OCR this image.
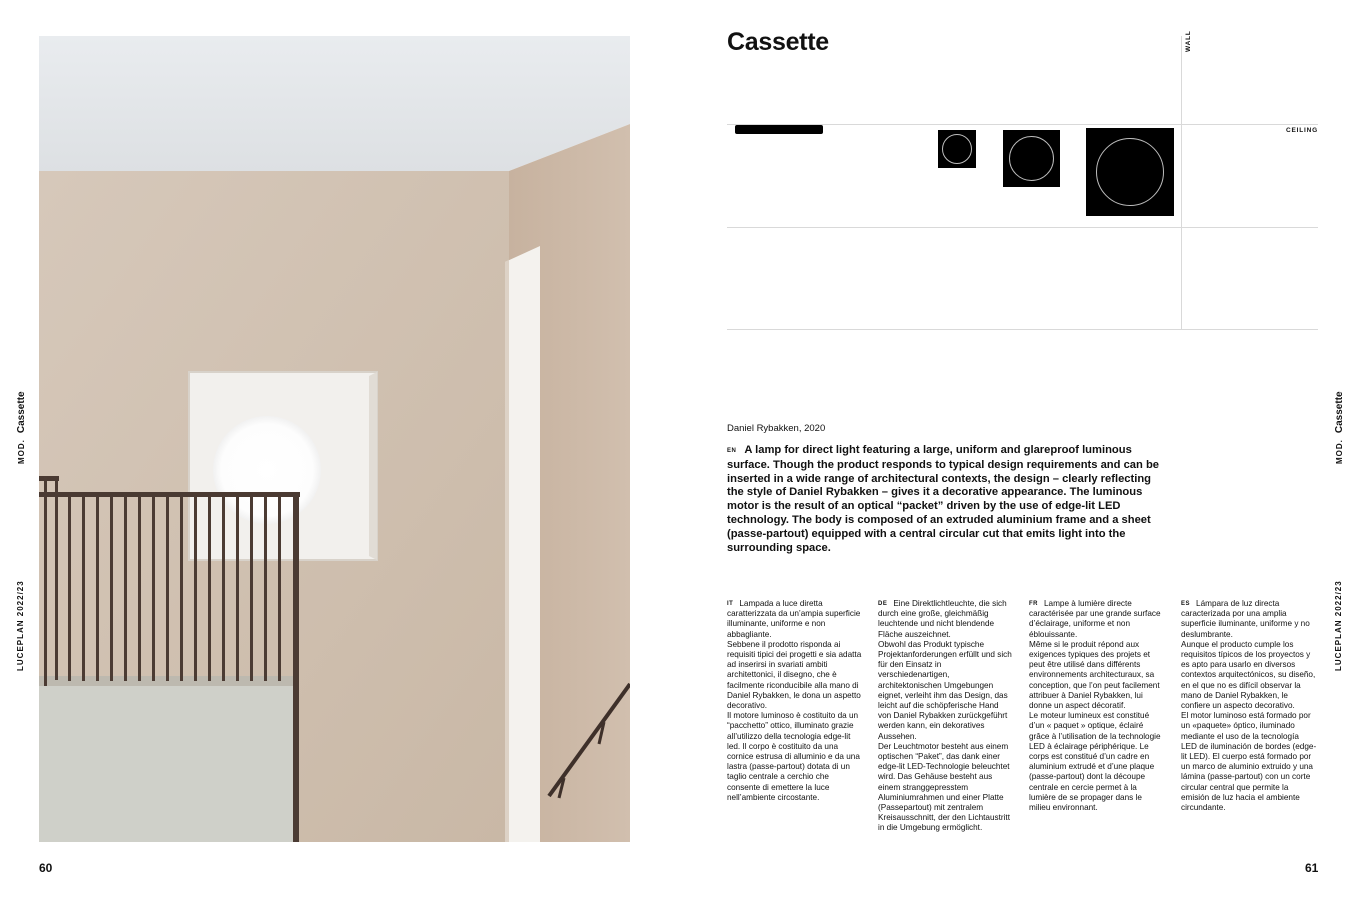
MOD.Cassette
LUCEPLAN 2022/23
60
Cassette	WALL
CEILING
Daniel Rybakken, 2020
EN A lamp for direct light featuring a large, uniform and glareproof luminous surface. Though the product responds to typical design requirements and can be inserted in a wide range of architectural contexts, the design – clearly reflecting the style of Daniel Rybakken – gives it a decorative appearance. The luminous motor is the result of an optical “packet” driven by the use of edge-lit LED technology. The body is composed of an extruded aluminium frame and a sheet (passe-partout) equipped with a central circular cut that emits light into the surrounding space.

IT Lampada a luce diretta caratterizzata da un’ampia superficie illuminante, uniforme e non abbagliante.

Sebbene il prodotto risponda ai requisiti tipici dei progetti e sia adatta ad inserirsi in svariati ambiti architettonici, il disegno, che è facilmente riconducibile alla mano di Daniel Rybakken, le dona un aspetto decorativo.

Il motore luminoso è costituito da un “pacchetto” ottico, illuminato grazie all’utilizzo della tecnologia edge-lit led. Il corpo è costituito da una cornice estrusa di alluminio e da una lastra (passe-partout) dotata di un taglio centrale a cerchio che consente di emettere la luce nell’ambiente circostante.

DE Eine Direktlichtleuchte, die sich durch eine große, gleichmäßig leuchtende und nicht blendende Fläche auszeichnet.

Obwohl das Produkt typische Projektanforderungen erfüllt und sich für den Einsatz in verschiedenartigen, architektonischen Umgebungen eignet, verleiht ihm das Design, das leicht auf die schöpferische Hand von Daniel Rybakken zurückgeführt werden kann, ein dekoratives Aussehen.

Der Leuchtmotor besteht aus einem optischen “Paket”, das dank einer edge-lit LED-Technologie beleuchtet wird. Das Gehäuse besteht aus einem stranggepresstem Aluminiumrahmen und einer Platte (Passepartout) mit zentralem Kreisausschnitt, der den Lichtaustritt in die Umgebung ermöglicht.

FR Lampe à lumière directe caractérisée par une grande surface d’éclairage, uniforme et non éblouissante.

Même si le produit répond aux exigences typiques des projets et peut être utilisé dans différents environnements architecturaux, sa conception, que l’on peut facilement attribuer à Daniel Rybakken, lui donne un aspect décoratif.

Le moteur lumineux est constitué d’un « paquet » optique, éclairé grâce à l’utilisation de la technologie LED à éclairage périphérique. Le corps est constitué d’un cadre en aluminium extrudé et d’une plaque (passe-partout) dont la découpe centrale en cercie permet à la lumière de se propager dans le milieu environnant.

ES Lámpara de luz directa caracterizada por una amplia superficie iluminante, uniforme y no deslumbrante.

Aunque el producto cumple los requisitos típicos de los proyectos y es apto para usarlo en diversos contextos arquitectónicos, su diseño, en el que no es difícil observar la mano de Daniel Rybakken, le confiere un aspecto decorativo.

El motor luminoso está formado por un «paquete» óptico, iluminado mediante el uso de la tecnología LED de iluminación de bordes (edge-lit LED). El cuerpo está formado por un marco de aluminio extruido y una lámina (passe-partout) con un corte circular central que permite la emisión de luz hacia el ambiente circundante.

MOD.Cassette
LUCEPLAN 2022/23
61
